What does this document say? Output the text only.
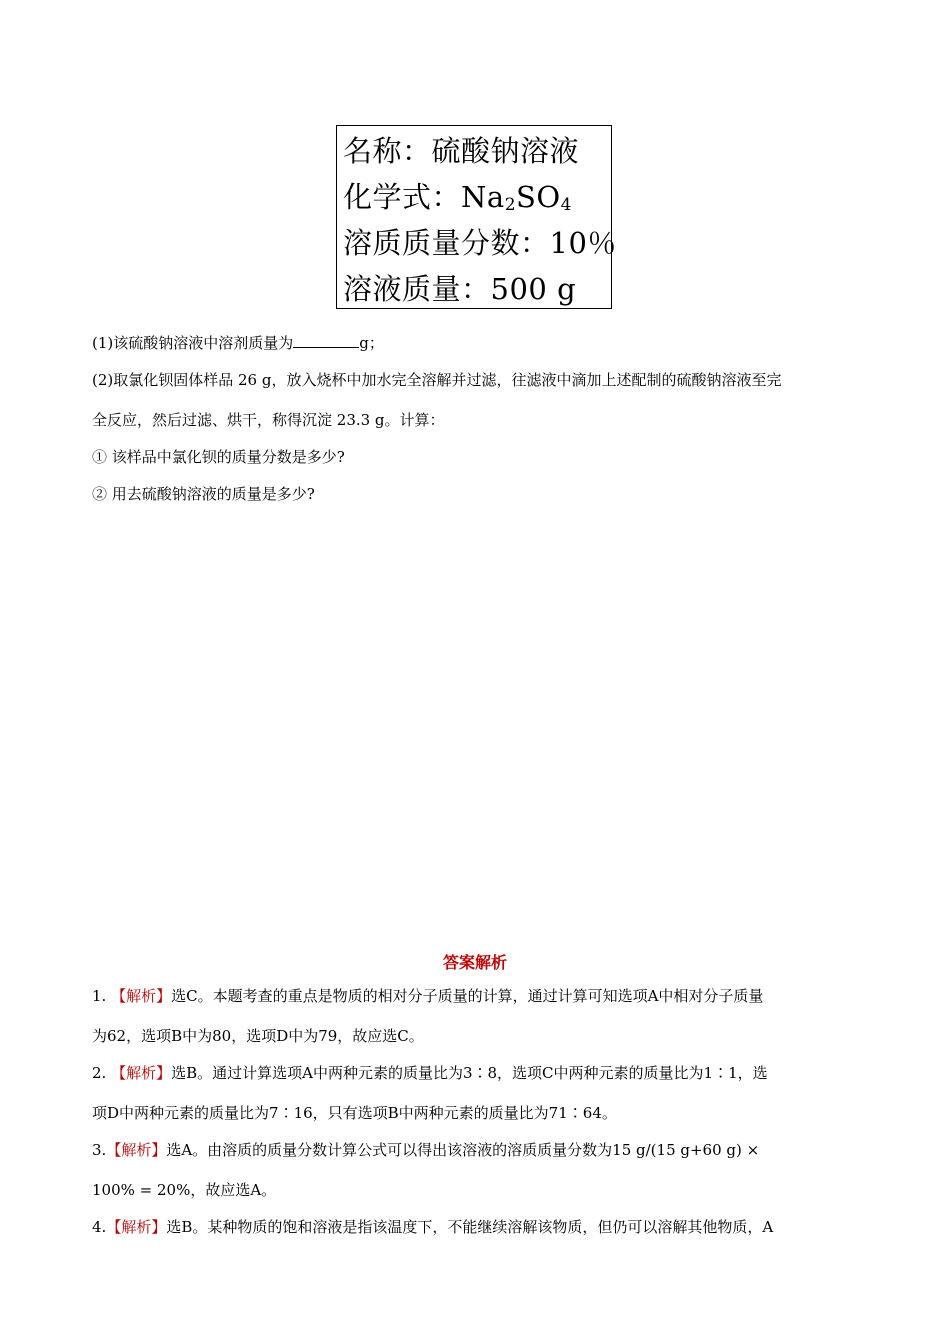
名称：硫酸钠溶液
化学式：$Na_2SO_4$
溶质质量分数：10％
溶液质量：500 g
(1)该硫酸钠溶液中溶剂质量为	g；
(2)取氯化钡固体样品 26 g，放入烧杯中加水完全溶解并过滤，往滤液中滴加上述配制的硫酸钠溶液至完
全反应，然后过滤、烘干，称得沉淀 23.3 g。计算：
① 该样品中氯化钡的质量分数是多少?
② 用去硫酸钠溶液的质量是多少?
答案解析
1. 【解析】选C。本题考查的重点是物质的相对分子质量的计算，通过计算可知选项A中相对分子质量
为62，选项B中为80，选项D中为79，故应选C。
2. 【解析】选B。通过计算选项A中两种元素的质量比为3∶8，选项C中两种元素的质量比为1∶1，选
项D中两种元素的质量比为7∶16，只有选项B中两种元素的质量比为71∶64。
3.【解析】选A。由溶质的质量分数计算公式可以得出该溶液的溶质质量分数为15 g/(15 g+60 g) ×
100% = 20%，故应选A。
4.【解析】选B。某种物质的饱和溶液是指该温度下，不能继续溶解该物质，但仍可以溶解其他物质，A
